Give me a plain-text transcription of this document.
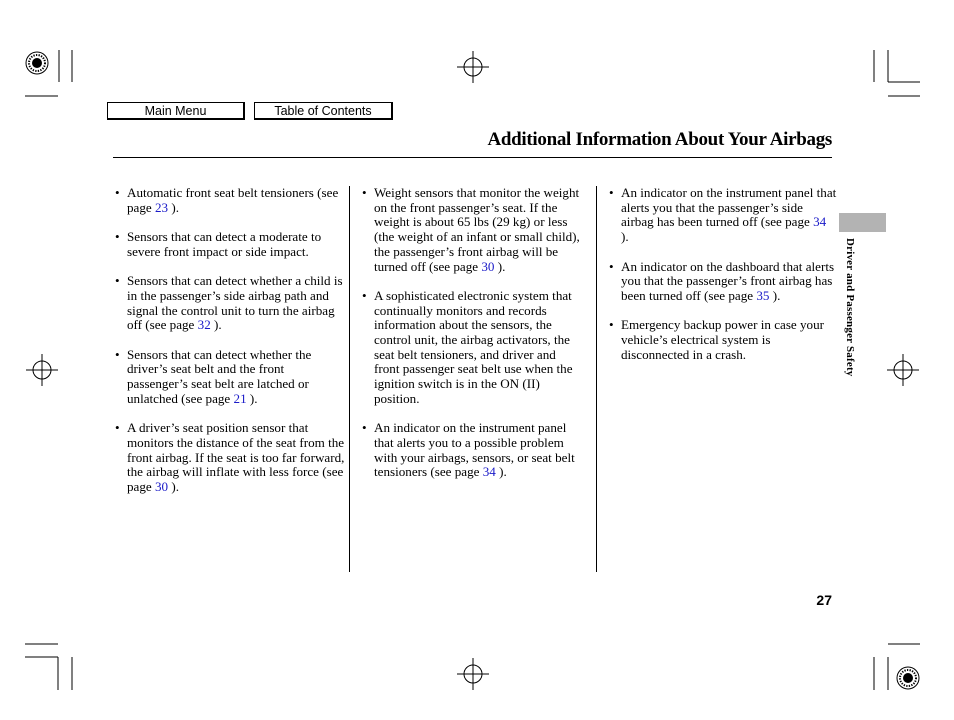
Main Menu	Table of Contents
Additional Information About Your Airbags

• Automatic front seat belt tensioners (see page 23 ).

• Sensors that can detect a moderate to severe front impact or side impact.

• Sensors that can detect whether a child is in the passenger’s side airbag path and signal the control unit to turn the airbag off (see page 32 ).

• Sensors that can detect whether the driver’s seat belt and the front passenger’s seat belt are latched or unlatched (see page 21 ).

• A driver’s seat position sensor that monitors the distance of the seat from the front airbag. If the seat is too far forward, the airbag will inflate with less force (see page 30 ).

• Weight sensors that monitor the weight on the front passenger’s seat. If the weight is about 65 lbs (29 kg) or less (the weight of an infant or small child), the passenger’s front airbag will be turned off (see page 30 ).

• A sophisticated electronic system that continually monitors and records information about the sensors, the control unit, the airbag activators, the seat belt tensioners, and driver and front passenger seat belt use when the ignition switch is in the ON (II) position.

• An indicator on the instrument panel that alerts you to a possible problem with your airbags, sensors, or seat belt tensioners (see page 34 ).

• An indicator on the instrument panel that alerts you that the passenger’s side airbag has been turned off (see page 34 ).

• An indicator on the dashboard that alerts you that the passenger’s front airbag has been turned off (see page 35 ).

• Emergency backup power in case your vehicle’s electrical system is disconnected in a crash.	Driver and Passenger Safety
27
